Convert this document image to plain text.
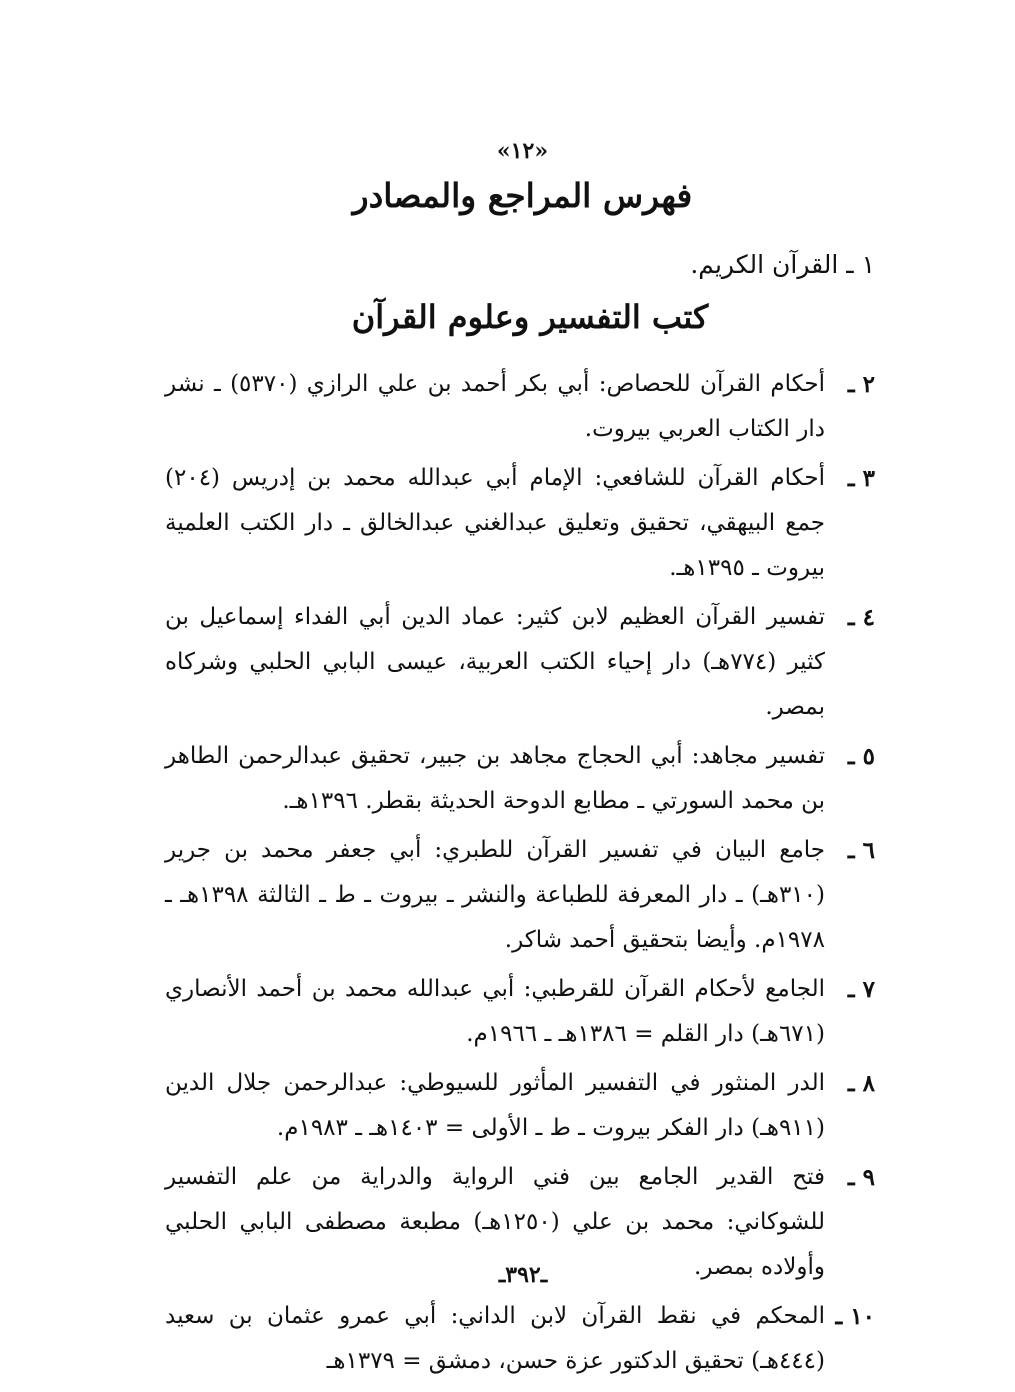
«١٢»
فهرس المراجع والمصادر
١ ـ القرآن الكريم.
كتب التفسير وعلوم القرآن
٢ ـ
أحكام القرآن للحصاص: أبي بكر أحمد بن علي الرازي (٥٣٧٠) ـ نشر دار الكتاب العربي بيروت.
٣ ـ
أحكام القرآن للشافعي: الإمام أبي عبدالله محمد بن إدريس (٢٠٤) جمع البيهقي، تحقيق وتعليق عبدالغني عبدالخالق ـ دار الكتب العلمية بيروت ـ ١٣٩٥هـ.
٤ ـ
تفسير القرآن العظيم لابن كثير: عماد الدين أبي الفداء إسماعيل بن كثير (٧٧٤هـ) دار إحياء الكتب العربية، عيسى البابي الحلبي وشركاه بمصر.
٥ ـ
تفسير مجاهد: أبي الحجاج مجاهد بن جبير، تحقيق عبدالرحمن الطاهر بن محمد السورتي ـ مطابع الدوحة الحديثة بقطر. ١٣٩٦هـ.
٦ ـ
جامع البيان في تفسير القرآن للطبري: أبي جعفر محمد بن جرير (٣١٠هـ) ـ دار المعرفة للطباعة والنشر ـ بيروت ـ ط ـ الثالثة ١٣٩٨هـ ـ ١٩٧٨م. وأيضا بتحقيق أحمد شاكر.
٧ ـ
الجامع لأحكام القرآن للقرطبي: أبي عبدالله محمد بن أحمد الأنصاري (٦٧١هـ) دار القلم = ١٣٨٦هـ ـ ١٩٦٦م.
٨ ـ
الدر المنثور في التفسير المأثور للسيوطي: عبدالرحمن جلال الدين (٩١١هـ) دار الفكر بيروت ـ ط ـ الأولى = ١٤٠٣هـ ـ ١٩٨٣م.
٩ ـ
فتح القدير الجامع بين فني الرواية والدراية من علم التفسير للشوكاني: محمد بن علي (١٢٥٠هـ) مطبعة مصطفى البابي الحلبي وأولاده بمصر.
١٠ ـ
المحكم في نقط القرآن لابن الداني: أبي عمرو عثمان بن سعيد (٤٤٤هـ) تحقيق الدكتور عزة حسن، دمشق = ١٣٧٩هـ
ـ٣٩٢ـ
